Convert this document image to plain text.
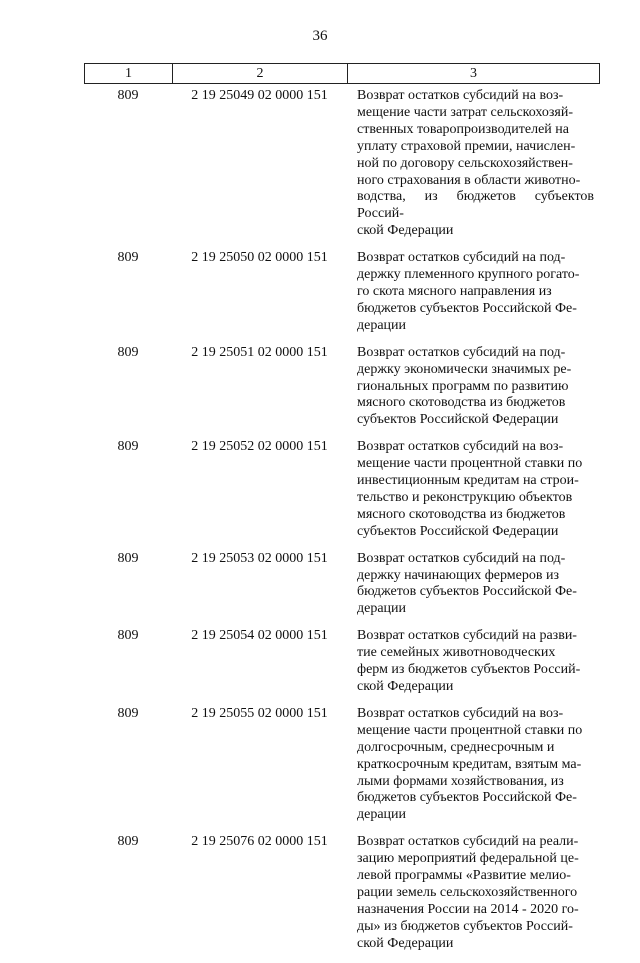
36
1	2	3
809	2 19 25049 02 0000 151	Возврат остатков субсидий на воз-
мещение части затрат сельскохозяй-
ственных товаропроизводителей на
уплату страховой премии, начислен-
ной по договору сельскохозяйствен-
ного страхования в области животно-
водства, из бюджетов субъектов Россий-
ской Федерации
809	2 19 25050 02 0000 151	Возврат остатков субсидий на под-
держку племенного крупного рогато-
го скота мясного направления из
бюджетов субъектов Российской Фе-
дерации
809	2 19 25051 02 0000 151	Возврат остатков субсидий на под-
держку экономически значимых ре-
гиональных программ по развитию
мясного скотоводства из бюджетов
субъектов Российской Федерации
809	2 19 25052 02 0000 151	Возврат остатков субсидий на воз-
мещение части процентной ставки по
инвестиционным кредитам на строи-
тельство и реконструкцию объектов
мясного скотоводства из бюджетов
субъектов Российской Федерации
809	2 19 25053 02 0000 151	Возврат остатков субсидий на под-
держку начинающих фермеров из
бюджетов субъектов Российской Фе-
дерации
809	2 19 25054 02 0000 151	Возврат остатков субсидий на разви-
тие семейных животноводческих
ферм из бюджетов субъектов Россий-
ской Федерации
809	2 19 25055 02 0000 151	Возврат остатков субсидий на воз-
мещение части процентной ставки по
долгосрочным, среднесрочным и
краткосрочным кредитам, взятым ма-
лыми формами хозяйствования, из
бюджетов субъектов Российской Фе-
дерации
809	2 19 25076 02 0000 151	Возврат остатков субсидий на реали-
зацию мероприятий федеральной це-
левой программы «Развитие мелио-
рации земель сельскохозяйственного
назначения России на 2014 - 2020 го-
ды» из бюджетов субъектов Россий-
ской Федерации
